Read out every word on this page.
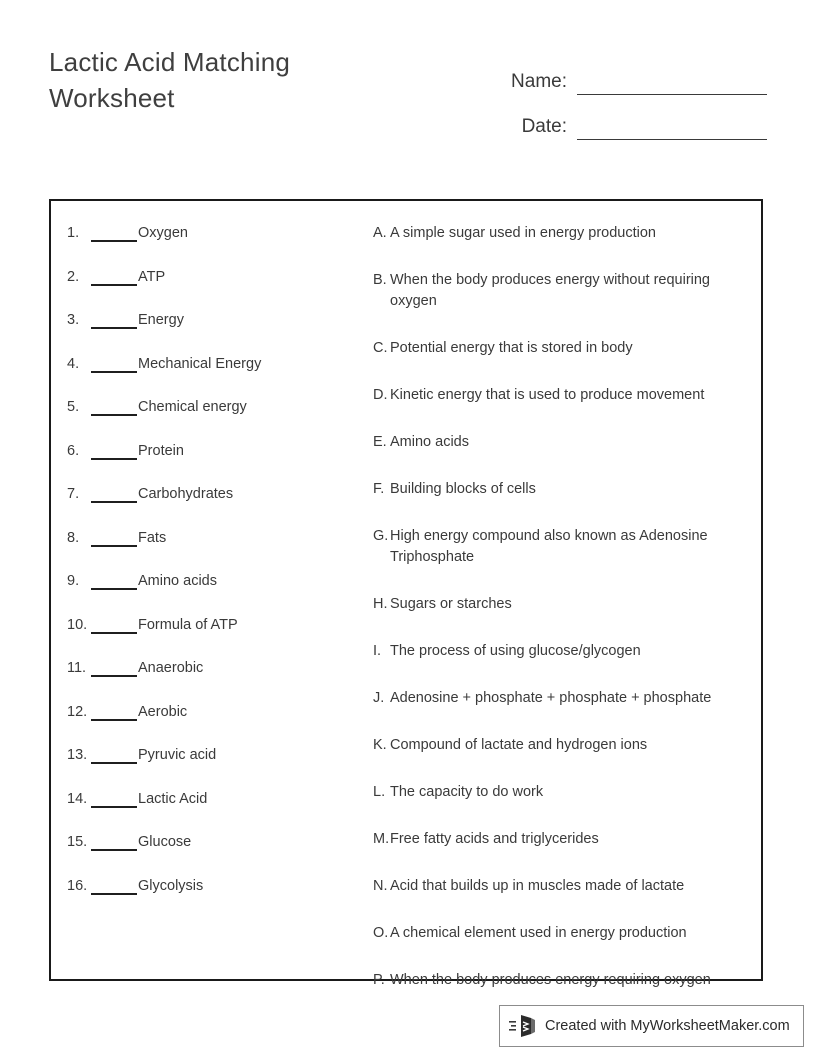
Lactic Acid Matching Worksheet
Name:
Date:
1.	Oxygen
2.	ATP
3.	Energy
4.	Mechanical Energy
5.	Chemical energy
6.	Protein
7.	Carbohydrates
8.	Fats
9.	Amino acids
10.	Formula of ATP
11.	Anaerobic
12.	Aerobic
13.	Pyruvic acid
14.	Lactic Acid
15.	Glucose
16.	Glycolysis
A. A simple sugar used in energy production
B. When the body produces energy without requiring oxygen
C. Potential energy that is stored in body
D. Kinetic energy that is used to produce movement
E. Amino acids
F. Building blocks of cells
G. High energy compound also known as Adenosine Triphosphate
H. Sugars or starches
I. The process of using glucose/glycogen
J. Adenosine + phosphate + phosphate + phosphate
K. Compound of lactate and hydrogen ions
L. The capacity to do work
M. Free fatty acids and triglycerides
N. Acid that builds up in muscles made of lactate
O. A chemical element used in energy production
P. When the body produces energy requiring oxygen
Created with MyWorksheetMaker.com
